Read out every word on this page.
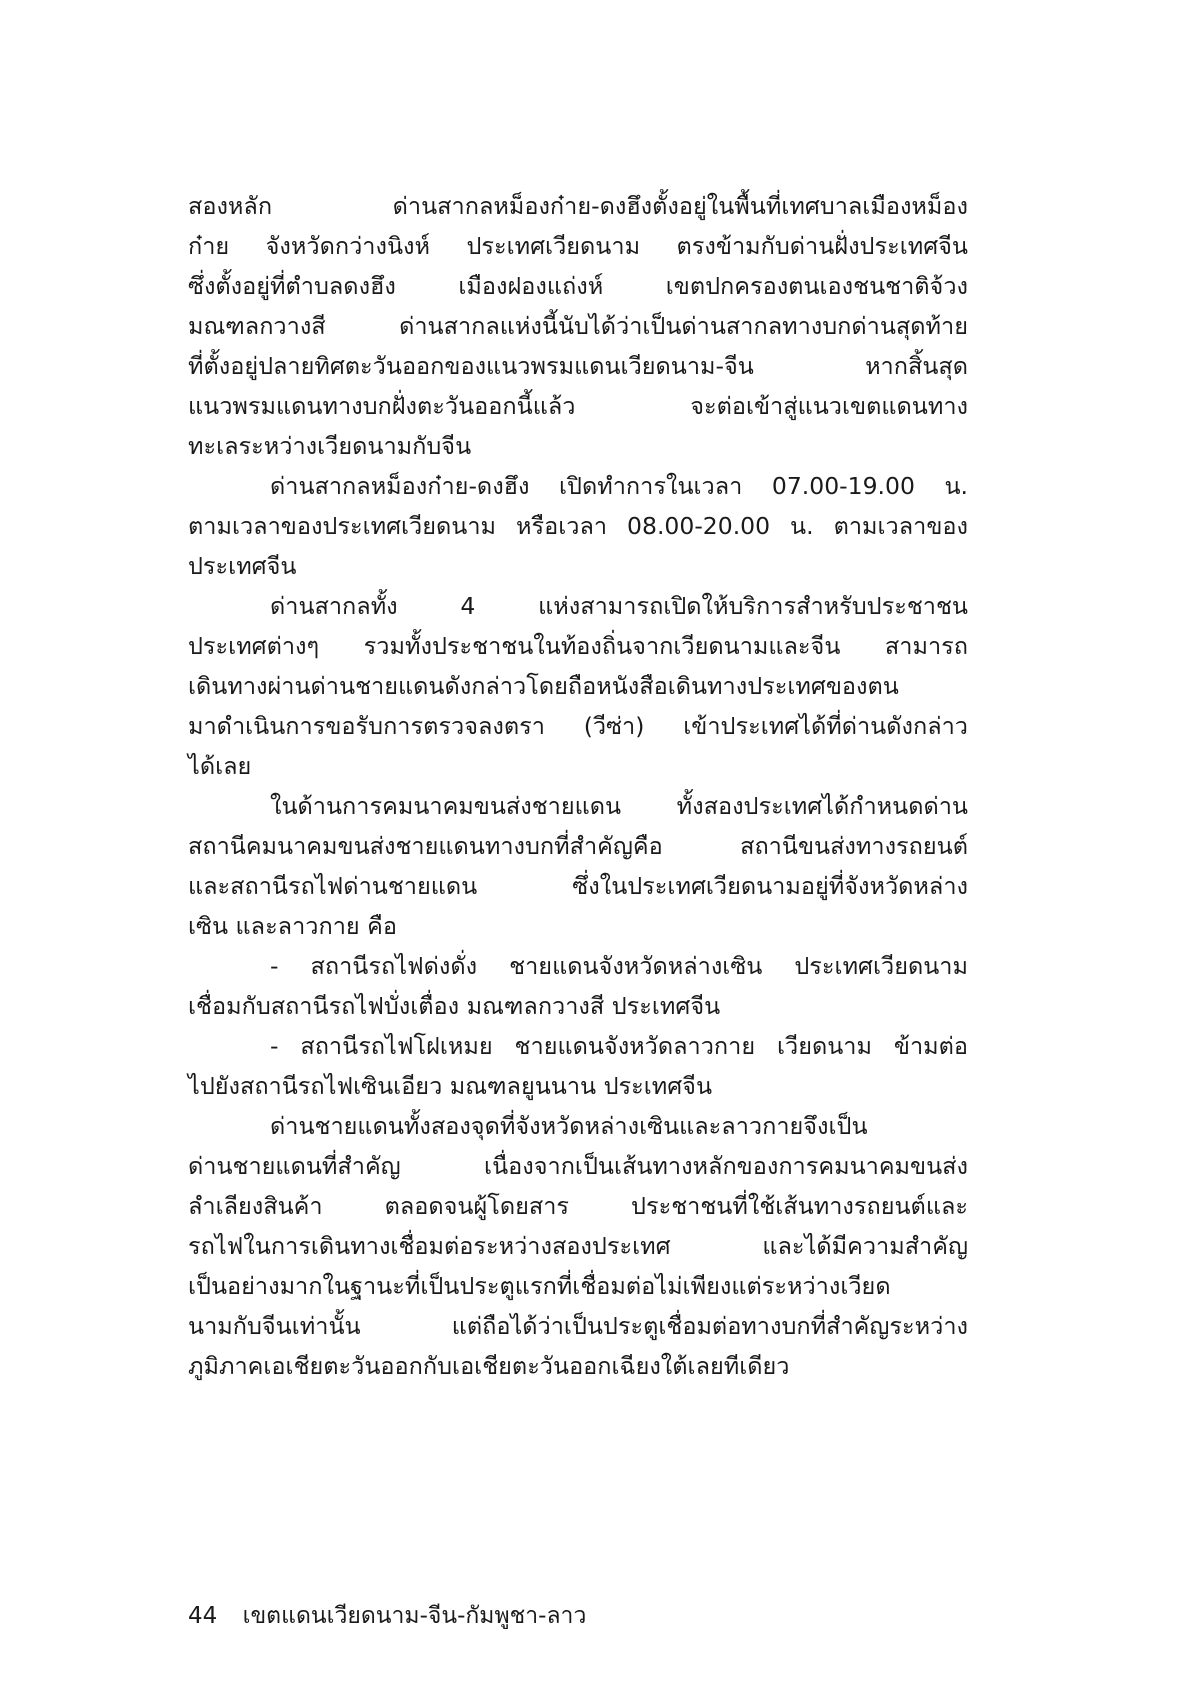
สองหลัก ด่านสากลหม็องก๋าย-ดงฮึงตั้งอยู่ในพื้นที่เทศบาลเมืองหม็อง
ก๋าย จังหวัดกว่างนิงห์ ประเทศเวียดนาม ตรงข้ามกับด่านฝั่งประเทศจีน
ซึ่งตั้งอยู่ที่ตำบลดงฮึง เมืองฝองแถ่งห์ เขตปกครองตนเองชนชาติจ้วง
มณฑลกวางสี ด่านสากลแห่งนี้นับได้ว่าเป็นด่านสากลทางบกด่านสุดท้าย
ที่ตั้งอยู่ปลายทิศตะวันออกของแนวพรมแดนเวียดนาม-จีน หากสิ้นสุด
แนวพรมแดนทางบกฝั่งตะวันออกนี้แล้ว จะต่อเข้าสู่แนวเขตแดนทาง
ทะเลระหว่างเวียดนามกับจีน
ด่านสากลหม็องก๋าย-ดงฮึง เปิดทำการในเวลา 07.00-19.00 น.
ตามเวลาของประเทศเวียดนาม หรือเวลา 08.00-20.00 น. ตามเวลาของ
ประเทศจีน
ด่านสากลทั้ง 4 แห่งสามารถเปิดให้บริการสำหรับประชาชน
ประเทศต่างๆ รวมทั้งประชาชนในท้องถิ่นจากเวียดนามและจีน สามารถ
เดินทางผ่านด่านชายแดนดังกล่าวโดยถือหนังสือเดินทางประเทศของตน
มาดำเนินการขอรับการตรวจลงตรา (วีซ่า) เข้าประเทศได้ที่ด่านดังกล่าว
ได้เลย
ในด้านการคมนาคมขนส่งชายแดน ทั้งสองประเทศได้กำหนดด่าน
สถานีคมนาคมขนส่งชายแดนทางบกที่สำคัญคือ สถานีขนส่งทางรถยนต์
และสถานีรถไฟด่านชายแดน ซึ่งในประเทศเวียดนามอยู่ที่จังหวัดหล่าง
เซิน และลาวกาย คือ
- สถานีรถไฟด่งดั่ง ชายแดนจังหวัดหล่างเซิน ประเทศเวียดนาม
เชื่อมกับสถานีรถไฟบั่งเตื่อง มณฑลกวางสี ประเทศจีน
- สถานีรถไฟโฝเหมย ชายแดนจังหวัดลาวกาย เวียดนาม ข้ามต่อ
ไปยังสถานีรถไฟเซินเอียว มณฑลยูนนาน ประเทศจีน
ด่านชายแดนทั้งสองจุดที่จังหวัดหล่างเซินและลาวกายจึงเป็น
ด่านชายแดนที่สำคัญ เนื่องจากเป็นเส้นทางหลักของการคมนาคมขนส่ง
ลำเลียงสินค้า ตลอดจนผู้โดยสาร ประชาชนที่ใช้เส้นทางรถยนต์และ
รถไฟในการเดินทางเชื่อมต่อระหว่างสองประเทศ และได้มีความสำคัญ
เป็นอย่างมากในฐานะที่เป็นประตูแรกที่เชื่อมต่อไม่เพียงแต่ระหว่างเวียด
นามกับจีนเท่านั้น แต่ถือได้ว่าเป็นประตูเชื่อมต่อทางบกที่สำคัญระหว่าง
ภูมิภาคเอเชียตะวันออกกับเอเชียตะวันออกเฉียงใต้เลยทีเดียว
44 เขตแดนเวียดนาม-จีน-กัมพูชา-ลาว
